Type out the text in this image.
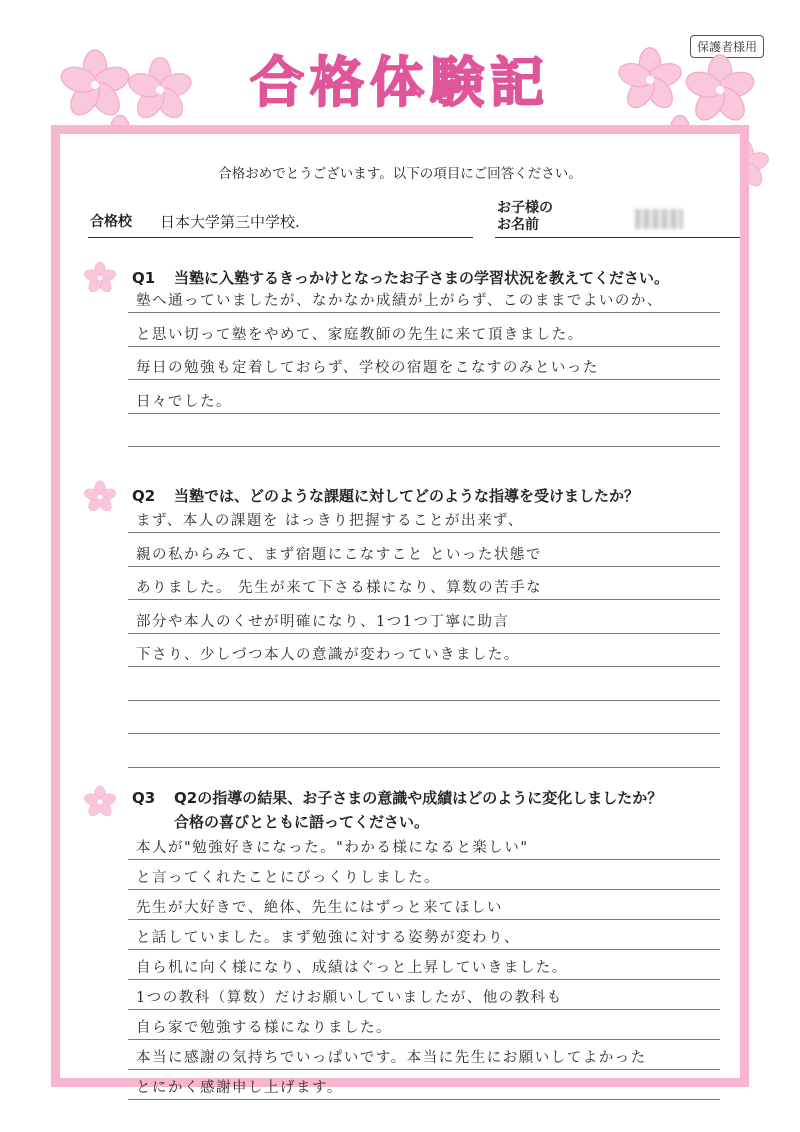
保護者様用
合格体験記
合格おめでとうございます。以下の項目にご回答ください。
合格校 日本大学第三中学校.
お子様の
お名前
Q1 当塾に入塾するきっかけとなったお子さまの学習状況を教えてください。
塾へ通っていましたが、なかなか成績が上がらず、このままでよいのか、
と思い切って塾をやめて、家庭教師の先生に来て頂きました。
毎日の勉強も定着しておらず、学校の宿題をこなすのみといった
日々でした。
Q2 当塾では、どのような課題に対してどのような指導を受けましたか？
まず、本人の課題を はっきり把握することが出来ず、
親の私からみて、まず宿題にこなすこと といった状態で
ありました。 先生が来て下さる様になり、算数の苦手な
部分や本人のくせが明確になり、1つ1つ丁寧に助言
下さり、少しづつ本人の意識が変わっていきました。
Q3 Q2の指導の結果、お子さまの意識や成績はどのように変化しましたか？
合格の喜びとともに語ってください。
本人が"勉強好きになった。"わかる様になると楽しい"
と言ってくれたことにびっくりしました。
先生が大好きで、絶体、先生にはずっと来てほしい
と話していました。まず勉強に対する姿勢が変わり、
自ら机に向く様になり、成績はぐっと上昇していきました。
1つの教科（算数）だけお願いしていましたが、他の教科も
自ら家で勉強する様になりました。
本当に感謝の気持ちでいっぱいです。本当に先生にお願いしてよかった
とにかく感謝申し上げます。
